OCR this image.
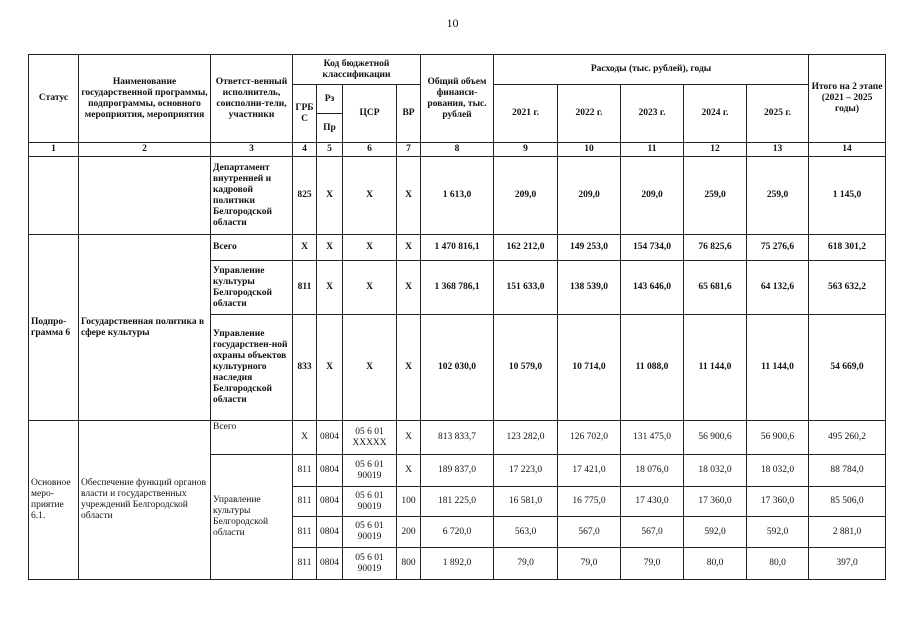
10
Статус	Наименование государственной программы, подпрограммы, основного мероприятия, мероприятия	Ответст-венный исполнитель, соисполни-тели, участники	Код бюджетной классификации				Общий объем финанси-рования, тыс. рублей	Расходы (тыс. рублей), годы					Итого на 2 этапе (2021 – 2025 годы)
			ГРБ С	Рз
Пр	ЦСР	ВР		2021 г.	2022 г.	2023 г.	2024 г.	2025 г.	
1	2	3	4	5	6	7	8	9	10	11	12	13	14
		Департамент внутренней и кадровой политики Белгородской области	825	Х	Х	Х	1 613,0	209,0	209,0	209,0	259,0	259,0	1 145,0
Подпро-грамма 6	Государственная политика в сфере культуры	Всего	Х	Х	Х	Х	1 470 816,1	162 212,0	149 253,0	154 734,0	76 825,6	75 276,6	618 301,2
		Управление культуры Белгородской области	811	Х	Х	Х	1 368 786,1	151 633,0	138 539,0	143 646,0	65 681,6	64 132,6	563 632,2
		Управление государствен-ной охраны объектов культурного наследия Белгородской области	833	Х	Х	Х	102 030,0	10 579,0	10 714,0	11 088,0	11 144,0	11 144,0	54 669,0
Основное меро-приятие 6.1.	Обеспечение функций органов власти и государственных учреждений Белгородской области	Всего	Х	0804	05 6 01 ХХХХХ	Х	813 833,7	123 282,0	126 702,0	131 475,0	56 900,6	56 900,6	495 260,2
		Управление культуры Белгородской области	811	0804	05 6 01 90019	Х	189 837,0	17 223,0	17 421,0	18 076,0	18 032,0	18 032,0	88 784,0
			811	0804	05 6 01 90019	100	181 225,0	16 581,0	16 775,0	17 430,0	17 360,0	17 360,0	85 506,0
			811	0804	05 6 01 90019	200	6 720,0	563,0	567,0	567,0	592,0	592,0	2 881,0
			811	0804	05 6 01 90019	800	1 892,0	79,0	79,0	79,0	80,0	80,0	397,0
